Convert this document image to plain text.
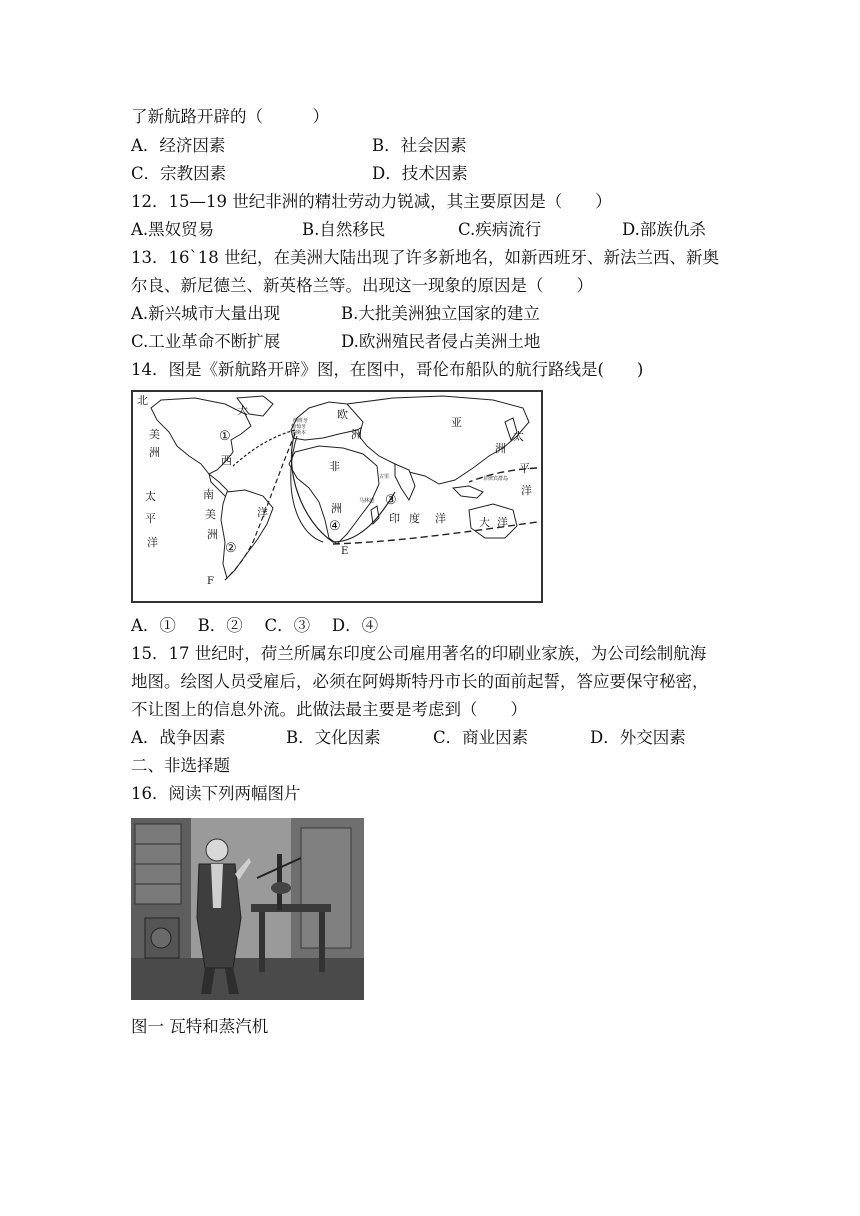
了新航路开辟的（　　　）
A．经济因素	B．社会因素
C．宗教因素	D．技术因素
12．15—19 世纪非洲的精壮劳动力锐减，其主要原因是（　　）
A.黑奴贸易	B.自然移民	C.疾病流行	D.部族仇杀
13．16`18 世纪，在美洲大陆出现了许多新地名，如新西班牙、新法兰西、新奥
尔良、新尼德兰、新英格兰等。出现这一现象的原因是（　　）
A.新兴城市大量出现	B.大批美洲独立国家的建立
C.工业革命不断扩展	D.欧洲殖民者侵占美洲土地
14．图是《新航路开辟》图，在图中，哥伦布船队的航行路线是(　　)
北
美
洲
太
平
洋
大
西
洋
欧
洲
亚
洲
太
平
洋
非
洲
南
美
洲
印 度 洋	大 洋
西班牙
葡萄牙
里斯本
古里
马林迪
菲律宾群岛
①
②
③
④
E
F
A．①　 B．②　 C．③　 D．④
15．17 世纪时，荷兰所属东印度公司雇用著名的印刷业家族，为公司绘制航海
地图。绘图人员受雇后，必须在阿姆斯特丹市长的面前起誓，答应要保守秘密，
不让图上的信息外流。此做法最主要是考虑到（　　）
A．战争因素	B．文化因素	C．商业因素	D．外交因素
二、非选择题
16．阅读下列两幅图片
图一 瓦特和蒸汽机
